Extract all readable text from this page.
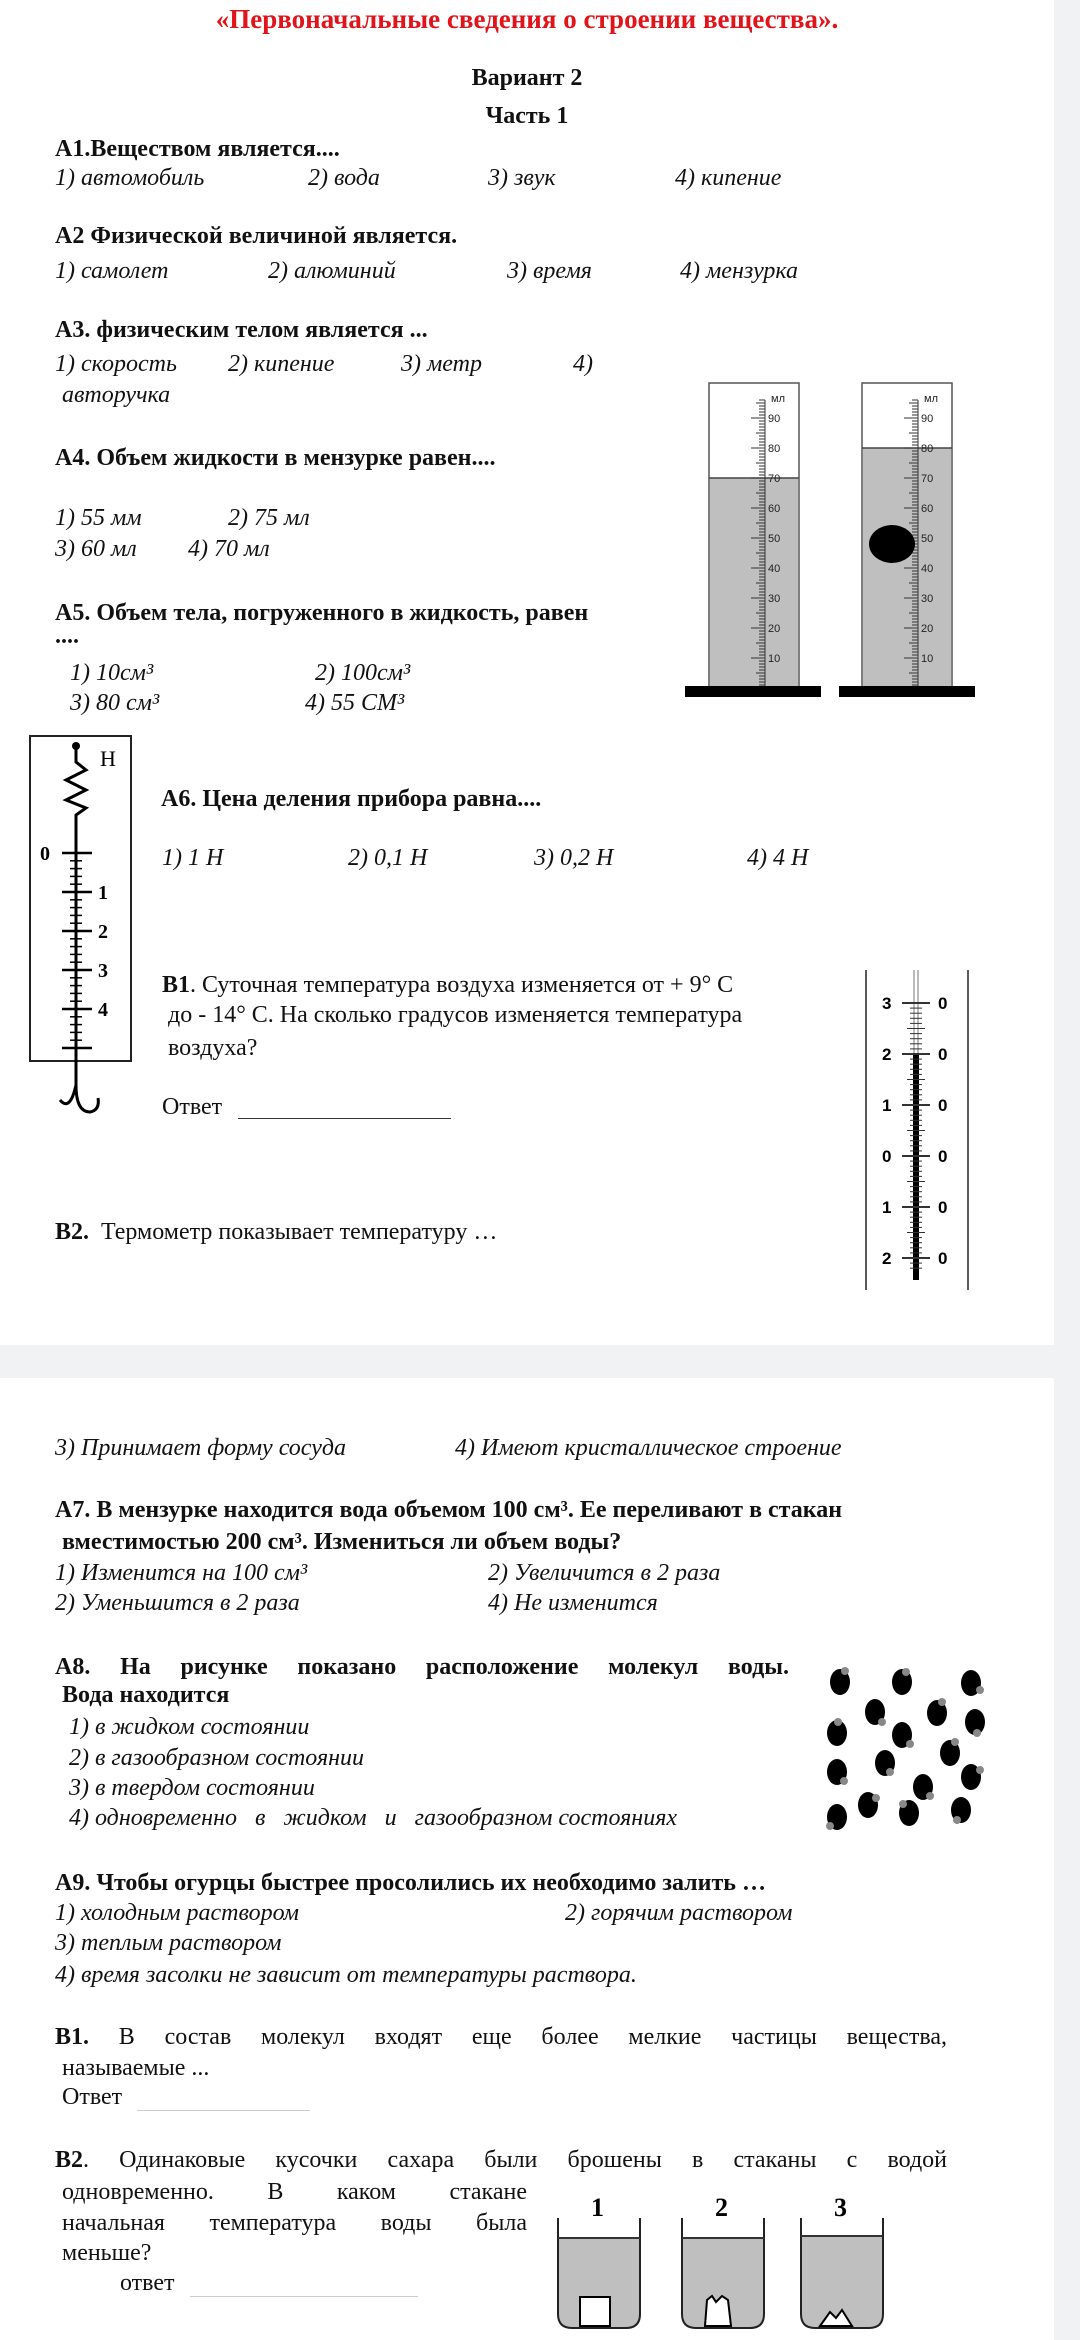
«Первоначальные сведения о строении вещества».
Вариант 2
Часть 1
А1.Веществом является....
1) автомобиль	2) вода	3) звук	4) кипение
А2 Физической величиной является.
1) самолет	2) алюминий	3) время	4) мензурка
А3. физическим телом является ...
1) скорость 2) кипение	3) метр	4)
авторучка
А4. Объем жидкости в мензурке равен....
1) 55 мм	2) 75 мл
3) 60 мл 4) 70 мл
А5. Объем тела, погруженного в жидкость, равен
....
1) 10см³	2) 100см³
3) 80 см³	4) 55 СМ³
90
80
70
60
50
40
30
20
10
мл
90
80
70
60
50
40
30
20
10
мл
Н
0
1
2
3
4
А6. Цена деления прибора равна....
1) 1 Н	2) 0,1 Н	3) 0,2 Н	4) 4 Н
В1. Суточная температура воздуха изменяется от + 9° С
до - 14° С. На сколько градусов изменяется температура
воздуха?
Ответ
3	0
2	0
1	0
0	0
1	0
2	0
В2. Термометр показывает температуру …
3) Принимает форму сосуда	4) Имеют кристаллическое строение
А7. В мензурке находится вода объемом 100 см³. Ее переливают в стакан
вместимостью 200 см³. Измениться ли объем воды?
1) Изменится на 100 см³	2) Увеличится в 2 раза
2) Уменьшится в 2 раза	4) Не изменится
А8. На рисунке показано расположение молекул воды.
Вода находится
1) в жидком состоянии
2) в газообразном состоянии
3) в твердом состоянии
4) одновременно   в   жидком   и   газообразном состояниях
А9. Чтобы огурцы быстрее просолились их необходимо залить …
1) холодным раствором	2) горячим раствором
3) теплым раствором
4) время засолки не зависит от температуры раствора.
В1. В состав молекул входят еще более мелкие частицы вещества,
называемые ...
Ответ
В2 . Одинаковые кусочки сахара были брошены в стаканы с водой
одновременно. В каком стакане
начальная температура воды была
меньше?
ответ
1	2	3
